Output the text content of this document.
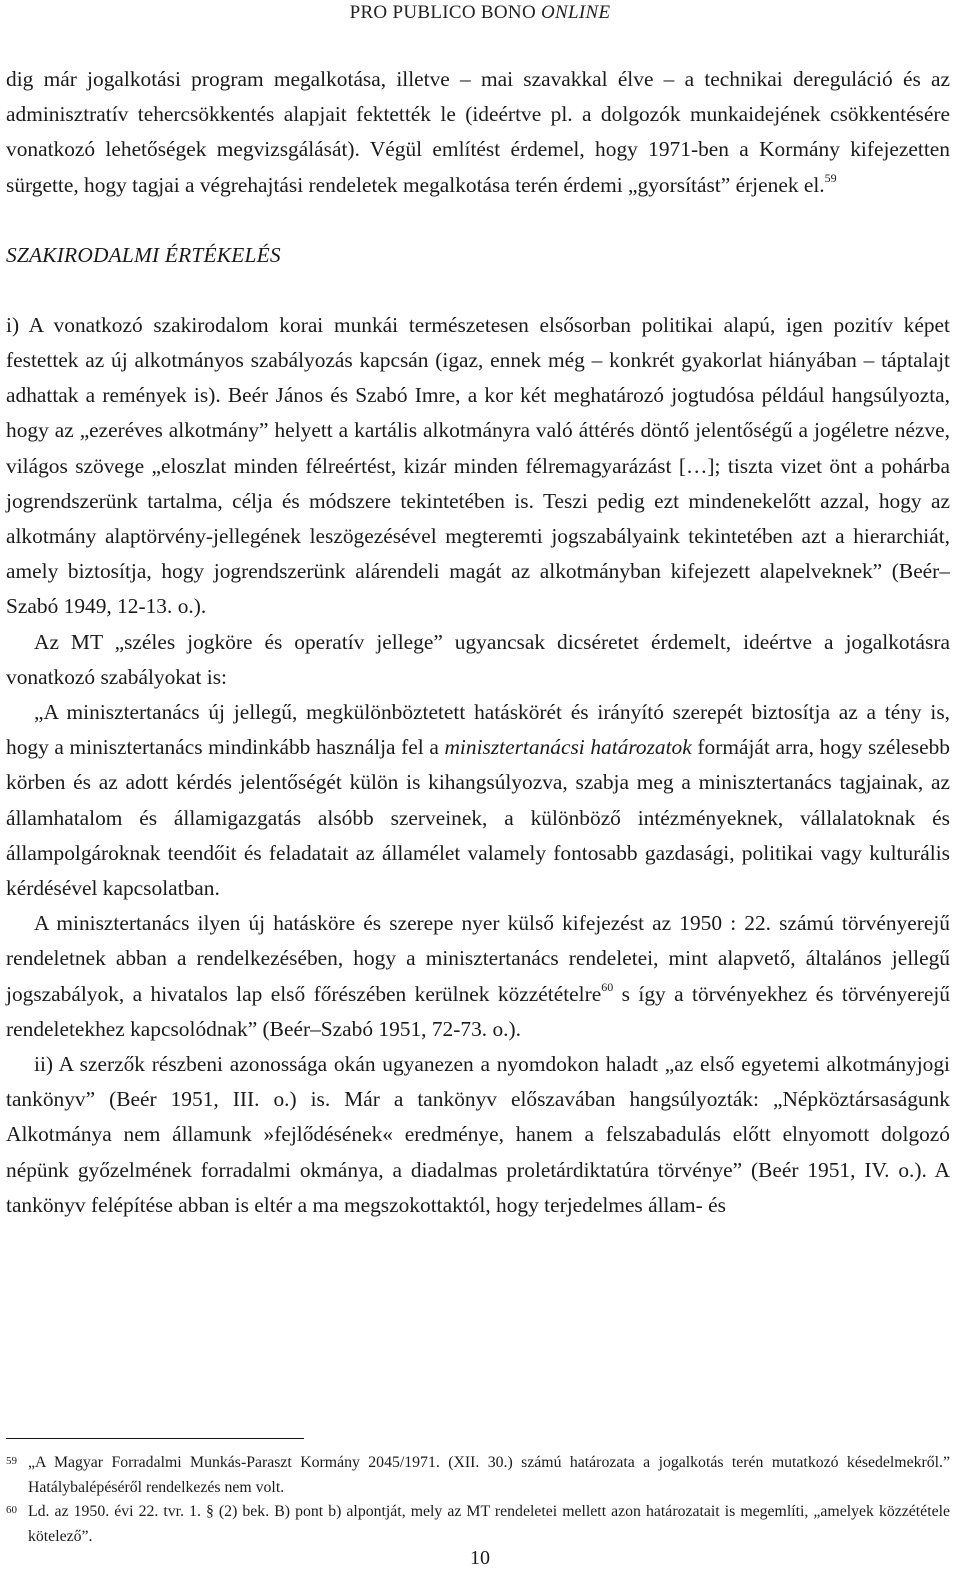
PRO PUBLICO BONO ONLINE

dig már jogalkotási program megalkotása, illetve – mai szavakkal élve – a technikai dereguláció és az adminisztratív tehercsökkentés alapjait fektették le (ideértve pl. a dolgozók munkaidejének csökkentésére vonatkozó lehetőségek megvizsgálását). Végül említést érdemel, hogy 1971-ben a Kormány kifejezetten sürgette, hogy tagjai a végrehajtási rendeletek megalkotása terén érdemi „gyorsítást” érjenek el.$^{59}$

SZAKIRODALMI ÉRTÉKELÉS

i) A vonatkozó szakirodalom korai munkái természetesen elsősorban politikai alapú, igen pozitív képet festettek az új alkotmányos szabályozás kapcsán (igaz, ennek még – konkrét gyakorlat hiányában – táptalajt adhattak a remények is). Beér János és Szabó Imre, a kor két meghatározó jogtudósa például hangsúlyozta, hogy az „ezeréves alkotmány” helyett a kartális alkotmányra való áttérés döntő jelentőségű a jogéletre nézve, világos szövege „eloszlat minden félreértést, kizár minden félremagyarázást […]; tiszta vizet önt a pohárba jogrendszerünk tartalma, célja és módszere tekintetében is. Teszi pedig ezt mindenekelőtt azzal, hogy az alkotmány alaptörvény-jellegének leszögezésével megteremti jogszabályaink tekintetében azt a hierarchiát, amely biztosítja, hogy jogrendszerünk alárendeli magát az alkotmányban kifejezett alapelveknek” (Beér–Szabó 1949, 12-13. o.).

Az MT „széles jogköre és operatív jellege” ugyancsak dicséretet érdemelt, ideértve a jogalkotásra vonatkozó szabályokat is:

„A minisztertanács új jellegű, megkülönböztetett hatáskörét és irányító szerepét biztosítja az a tény is, hogy a minisztertanács mindinkább használja fel a minisztertanácsi határozatok formáját arra, hogy szélesebb körben és az adott kérdés jelentőségét külön is kihangsúlyozva, szabja meg a minisztertanács tagjainak, az államhatalom és államigazgatás alsóbb szerveinek, a különböző intézményeknek, vállalatoknak és állampolgároknak teendőit és feladatait az államélet valamely fontosabb gazdasági, politikai vagy kulturális kérdésével kapcsolatban.

A minisztertanács ilyen új hatásköre és szerepe nyer külső kifejezést az 1950 : 22. számú törvényerejű rendeletnek abban a rendelkezésében, hogy a minisztertanács rendeletei, mint alapvető, általános jellegű jogszabályok, a hivatalos lap első főrészében kerülnek közzétételre$^{60}$ s így a törvényekhez és törvényerejű rendeletekhez kapcsolódnak” (Beér–Szabó 1951, 72-73. o.).

ii) A szerzők részbeni azonossága okán ugyanezen a nyomdokon haladt „az első egyetemi alkotmányjogi tankönyv” (Beér 1951, III. o.) is. Már a tankönyv előszavában hangsúlyozták: „Népköztársaságunk Alkotmánya nem államunk »fejlődésének« eredménye, hanem a felszabadulás előtt elnyomott dolgozó népünk győzelmének forradalmi okmánya, a diadalmas proletárdiktatúra törvénye” (Beér 1951, IV. o.). A tankönyv felépítése abban is eltér a ma megszokottaktól, hogy terjedelmes állam- és

59 „A Magyar Forradalmi Munkás-Paraszt Kormány 2045/1971. (XII. 30.) számú határozata a jogalkotás terén mutatkozó késedelmekről.” Hatálybalépéséről rendelkezés nem volt.
60 Ld. az 1950. évi 22. tvr. 1. § (2) bek. B) pont b) alpontját, mely az MT rendeletei mellett azon határozatait is megemlíti, „amelyek közzététele kötelező”.
10
